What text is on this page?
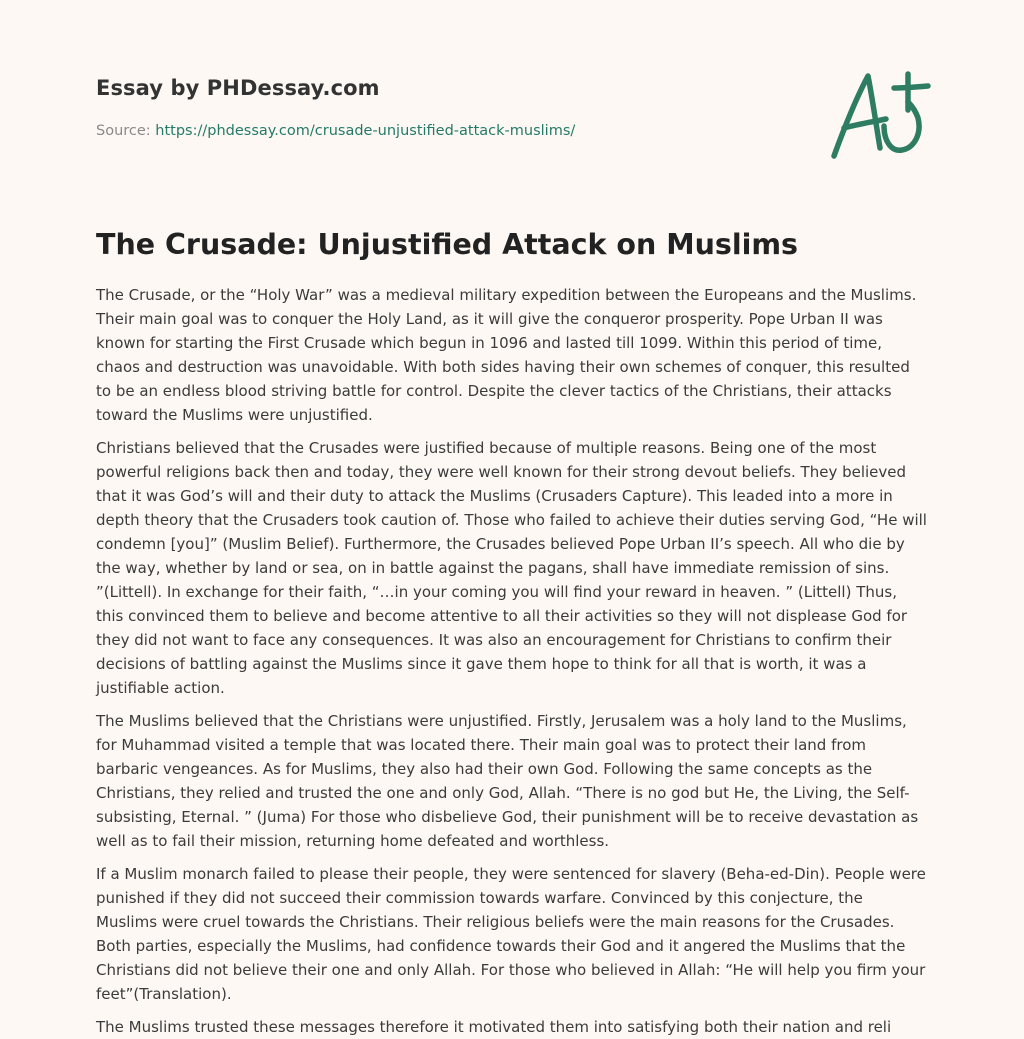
Essay by PHDessay.com
Source: https://phdessay.com/crusade-unjustified-attack-muslims/
The Crusade: Unjustified Attack on Muslims

The Crusade, or the “Holy War” was a medieval military expedition between the Europeans and the Muslims. Their main goal was to conquer the Holy Land, as it will give the conqueror prosperity. Pope Urban II was known for starting the First Crusade which begun in 1096 and lasted till 1099. Within this period of time, chaos and destruction was unavoidable. With both sides having their own schemes of conquer, this resulted to be an endless blood striving battle for control. Despite the clever tactics of the Christians, their attacks toward the Muslims were unjustified.

Christians believed that the Crusades were justified because of multiple reasons. Being one of the most powerful religions back then and today, they were well known for their strong devout beliefs. They believed that it was God’s will and their duty to attack the Muslims (Crusaders Capture). This leaded into a more in depth theory that the Crusaders took caution of. Those who failed to achieve their duties serving God, “He will condemn [you]” (Muslim Belief). Furthermore, the Crusades believed Pope Urban II’s speech. All who die by the way, whether by land or sea, on in battle against the pagans, shall have immediate remission of sins. ”(Littell). In exchange for their faith, “…in your coming you will find your reward in heaven. ” (Littell) Thus, this convinced them to believe and become attentive to all their activities so they will not displease God for they did not want to face any consequences. It was also an encouragement for Christians to confirm their decisions of battling against the Muslims since it gave them hope to think for all that is worth, it was a justifiable action.

The Muslims believed that the Christians were unjustified. Firstly, Jerusalem was a holy land to the Muslims, for Muhammad visited a temple that was located there. Their main goal was to protect their land from barbaric vengeances. As for Muslims, they also had their own God. Following the same concepts as the Christians, they relied and trusted the one and only God, Allah. “There is no god but He, the Living, the Self-subsisting, Eternal. ” (Juma) For those who disbelieve God, their punishment will be to receive devastation as well as to fail their mission, returning home defeated and worthless.

If a Muslim monarch failed to please their people, they were sentenced for slavery (Beha-ed-Din). People were punished if they did not succeed their commission towards warfare. Convinced by this conjecture, the Muslims were cruel towards the Christians. Their religious beliefs were the main reasons for the Crusades. Both parties, especially the Muslims, had confidence towards their God and it angered the Muslims that the Christians did not believe their one and only Allah. For those who believed in Allah: “He will help you firm your feet”(Translation).

The Muslims trusted these messages therefore it motivated them into satisfying both their nation and reli
